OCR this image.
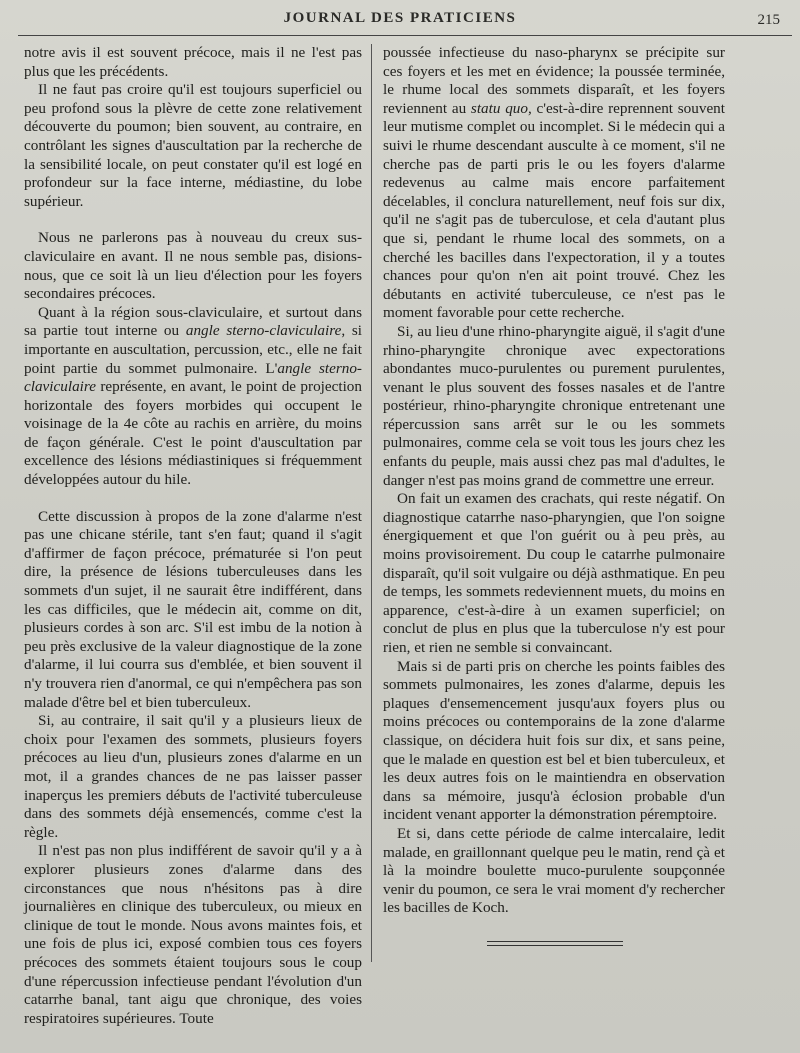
JOURNAL DES PRATICIENS	215

notre avis il est souvent précoce, mais il ne l'est pas plus que les précédents.

Il ne faut pas croire qu'il est toujours superficiel ou peu profond sous la plèvre de cette zone relativement découverte du poumon; bien souvent, au contraire, en contrôlant les signes d'auscultation par la recherche de la sensibilité locale, on peut constater qu'il est logé en profondeur sur la face interne, médiastine, du lobe supérieur.

Nous ne parlerons pas à nouveau du creux sus-claviculaire en avant. Il ne nous semble pas, disions-nous, que ce soit là un lieu d'élection pour les foyers secondaires précoces.

Quant à la région sous-claviculaire, et surtout dans sa partie tout interne ou angle sterno-claviculaire, si importante en auscultation, percussion, etc., elle ne fait point partie du sommet pulmonaire. L'angle sterno-claviculaire représente, en avant, le point de projection horizontale des foyers morbides qui occupent le voisinage de la 4e côte au rachis en arrière, du moins de façon générale. C'est le point d'auscultation par excellence des lésions médiastiniques si fréquemment développées autour du hile.

Cette discussion à propos de la zone d'alarme n'est pas une chicane stérile, tant s'en faut; quand il s'agit d'affirmer de façon précoce, prématurée si l'on peut dire, la présence de lésions tuberculeuses dans les sommets d'un sujet, il ne saurait être indifférent, dans les cas difficiles, que le médecin ait, comme on dit, plusieurs cordes à son arc. S'il est imbu de la notion à peu près exclusive de la valeur diagnostique de la zone d'alarme, il lui courra sus d'emblée, et bien souvent il n'y trouvera rien d'anormal, ce qui n'empêchera pas son malade d'être bel et bien tuberculeux.

Si, au contraire, il sait qu'il y a plusieurs lieux de choix pour l'examen des sommets, plusieurs foyers précoces au lieu d'un, plusieurs zones d'alarme en un mot, il a grandes chances de ne pas laisser passer inaperçus les premiers débuts de l'activité tuberculeuse dans des sommets déjà ensemencés, comme c'est la règle.

Il n'est pas non plus indifférent de savoir qu'il y a à explorer plusieurs zones d'alarme dans des circonstances que nous n'hésitons pas à dire journalières en clinique des tuberculeux, ou mieux en clinique de tout le monde. Nous avons maintes fois, et une fois de plus ici, exposé combien tous ces foyers précoces des sommets étaient toujours sous le coup d'une répercussion infectieuse pendant l'évolution d'un catarrhe banal, tant aigu que chronique, des voies respiratoires supérieures. Toute

poussée infectieuse du naso-pharynx se précipite sur ces foyers et les met en évidence; la poussée terminée, le rhume local des sommets disparaît, et les foyers reviennent au statu quo, c'est-à-dire reprennent souvent leur mutisme complet ou incomplet. Si le médecin qui a suivi le rhume descendant ausculte à ce moment, s'il ne cherche pas de parti pris le ou les foyers d'alarme redevenus au calme mais encore parfaitement décelables, il conclura naturellement, neuf fois sur dix, qu'il ne s'agit pas de tuberculose, et cela d'autant plus que si, pendant le rhume local des sommets, on a cherché les bacilles dans l'expectoration, il y a toutes chances pour qu'on n'en ait point trouvé. Chez les débutants en activité tuberculeuse, ce n'est pas le moment favorable pour cette recherche.

Si, au lieu d'une rhino-pharyngite aiguë, il s'agit d'une rhino-pharyngite chronique avec expectorations abondantes muco-purulentes ou purement purulentes, venant le plus souvent des fosses nasales et de l'antre postérieur, rhino-pharyngite chronique entretenant une répercussion sans arrêt sur le ou les sommets pulmonaires, comme cela se voit tous les jours chez les enfants du peuple, mais aussi chez pas mal d'adultes, le danger n'est pas moins grand de commettre une erreur.

On fait un examen des crachats, qui reste négatif. On diagnostique catarrhe naso-pharyngien, que l'on soigne énergiquement et que l'on guérit ou à peu près, au moins provisoirement. Du coup le catarrhe pulmonaire disparaît, qu'il soit vulgaire ou déjà asthmatique. En peu de temps, les sommets redeviennent muets, du moins en apparence, c'est-à-dire à un examen superficiel; on conclut de plus en plus que la tuberculose n'y est pour rien, et rien ne semble si convaincant.

Mais si de parti pris on cherche les points faibles des sommets pulmonaires, les zones d'alarme, depuis les plaques d'ensemencement jusqu'aux foyers plus ou moins précoces ou contemporains de la zone d'alarme classique, on décidera huit fois sur dix, et sans peine, que le malade en question est bel et bien tuberculeux, et les deux autres fois on le maintiendra en observation dans sa mémoire, jusqu'à éclosion probable d'un incident venant apporter la démonstration péremptoire.

Et si, dans cette période de calme intercalaire, ledit malade, en graillonnant quelque peu le matin, rend çà et là la moindre boulette muco-purulente soupçonnée venir du poumon, ce sera le vrai moment d'y rechercher les bacilles de Koch.
